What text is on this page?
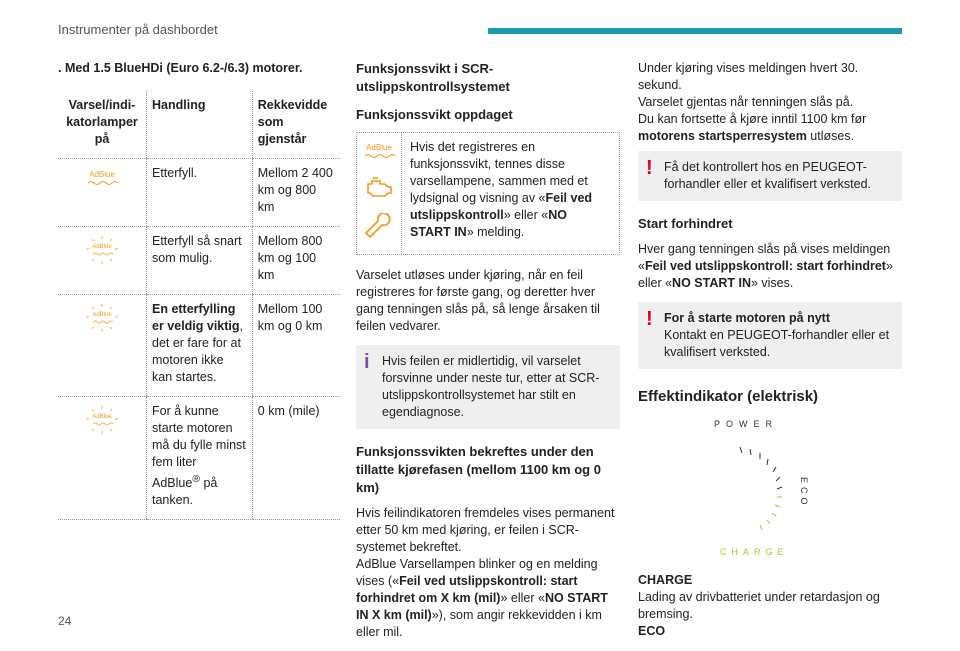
Instrumenter på dashbordet
24
. Med 1.5 BlueHDi (Euro 6.2-/6.3) motorer.
Varsel/indikatorlamper på	Handling	Rekkevidde som gjenstår

AdBlue	Etterfyll.	Mellom 2 400 km og 800 km

AdBlue	Etterfyll så snart som mulig.	Mellom 800 km og 100 km

AdBlue	En etterfylling er veldig viktig, det er fare for at motoren ikke kan startes.	Mellom 100 km og 0 km

AdBlue	For å kunne starte motoren må du fylle minst fem liter AdBlue® på tanken.	0 km (mile)
Funksjonssvikt i SCR-utslippskontrollsystemet
Funksjonssvikt oppdaget
AdBlue	Hvis det registreres en funksjonssvikt, tennes disse varsellampene, sammen med et lydsignal og visning av «Feil ved utslippskontroll» eller «NO START IN» melding.
Varselet utløses under kjøring, når en feil registreres for første gang, og deretter hver gang tenningen slås på, så lenge årsaken til feilen vedvarer.
i Hvis feilen er midlertidig, vil varselet forsvinne under neste tur, etter at SCR-utslippskontrollsystemet har stilt en egendiagnose.
Funksjonssvikten bekreftes under den tillatte kjørefasen (mellom 1100 km og 0 km)
Hvis feilindikatoren fremdeles vises permanent etter 50 km med kjøring, er feilen i SCR-systemet bekreftet.
AdBlue Varsellampen blinker og en melding vises («Feil ved utslippskontroll: start forhindret om X km (mil)» eller «NO START IN X km (mil)»), som angir rekkevidden i km eller mil.
Under kjøring vises meldingen hvert 30. sekund.
Varselet gjentas når tenningen slås på.
Du kan fortsette å kjøre inntil 1100 km før motorens startsperresystem utløses.
! Få det kontrollert hos en PEUGEOT-forhandler eller et kvalifisert verksted.
Start forhindret
Hver gang tenningen slås på vises meldingen «Feil ved utslippskontroll: start forhindret» eller «NO START IN» vises.
! For å starte motoren på nytt
Kontakt en PEUGEOT-forhandler eller et kvalifisert verksted.
Effektindikator (elektrisk)
POWER
ECO
CHARGE
CHARGE
Lading av drivbatteriet under retardasjon og bremsing.
ECO
